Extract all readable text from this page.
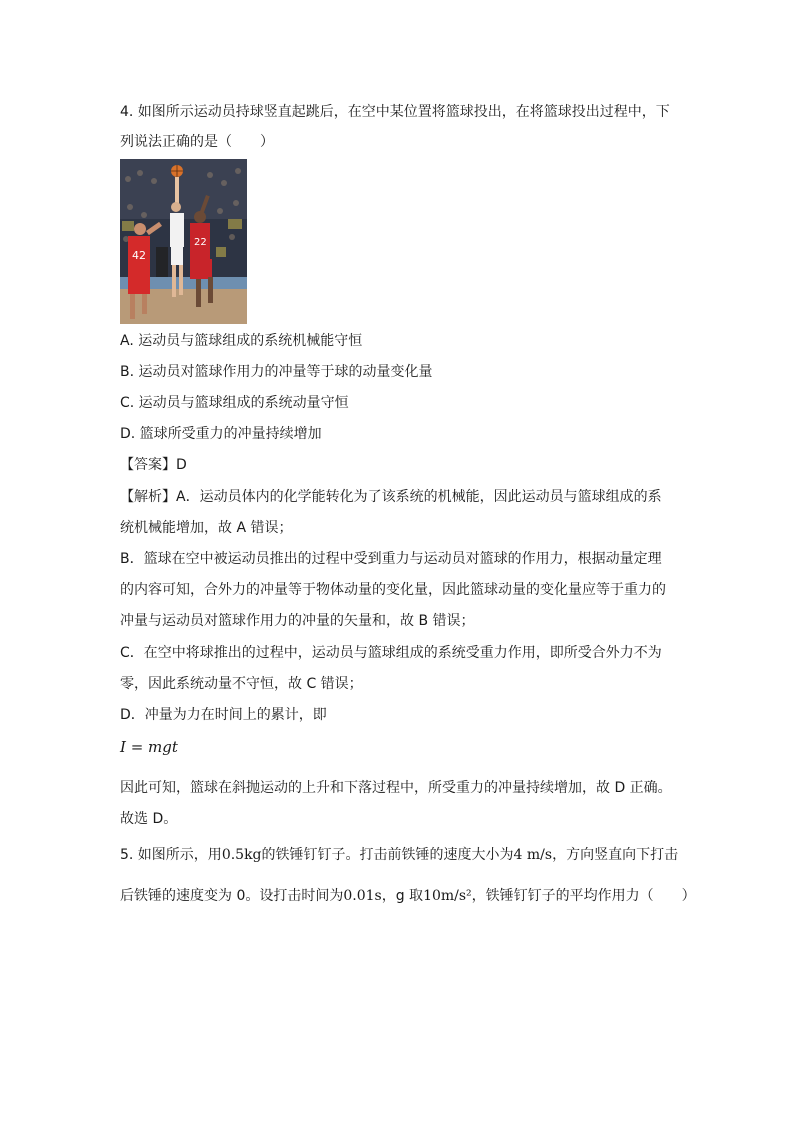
4. 如图所示运动员持球竖直起跳后，在空中某位置将篮球投出，在将篮球投出过程中，下
列说法正确的是（　　）
42
22
A. 运动员与篮球组成的系统机械能守恒
B. 运动员对篮球作用力的冲量等于球的动量变化量
C. 运动员与篮球组成的系统动量守恒
D. 篮球所受重力的冲量持续增加
【答案】D
【解析】A．运动员体内的化学能转化为了该系统的机械能，因此运动员与篮球组成的系
统机械能增加，故 A 错误；
B．篮球在空中被运动员推出的过程中受到重力与运动员对篮球的作用力，根据动量定理
的内容可知，合外力的冲量等于物体动量的变化量，因此篮球动量的变化量应等于重力的
冲量与运动员对篮球作用力的冲量的矢量和，故 B 错误；
C．在空中将球推出的过程中，运动员与篮球组成的系统受重力作用，即所受合外力不为
零，因此系统动量不守恒，故 C 错误；
D．冲量为力在时间上的累计，即
I = mgt
因此可知，篮球在斜抛运动的上升和下落过程中，所受重力的冲量持续增加，故 D 正确。
故选 D。
5. 如图所示，用0.5kg的铁锤钉钉子。打击前铁锤的速度大小为4 m/s，方向竖直向下打击
后铁锤的速度变为 0。设打击时间为0.01s，g 取10m/s²，铁锤钉钉子的平均作用力（　　）
